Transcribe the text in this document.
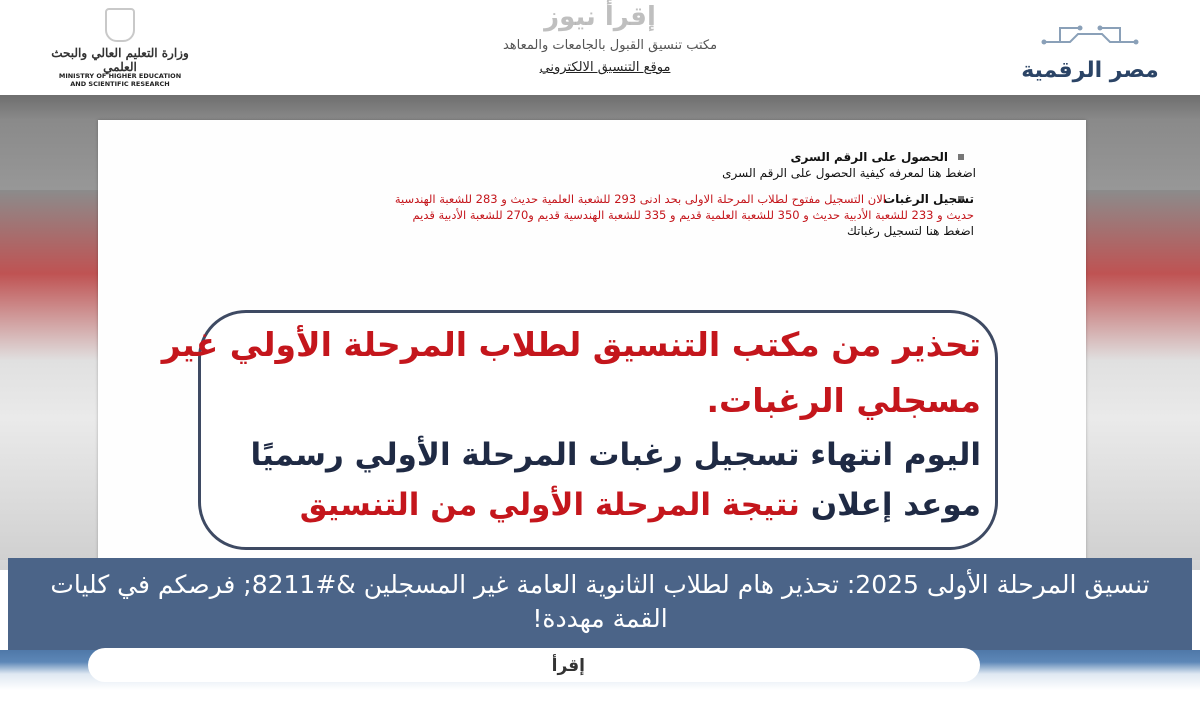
وزارة التعليم العالي والبحث العلمي
MINISTRY OF HIGHER EDUCATION AND SCIENTIFIC RESEARCH
إقرأ نيوز
مكتب تنسيق القبول بالجامعات والمعاهد
موقع التنسيق الالكتروني	مصر الرقمية
الحصول على الرقم السرى
اضغط هنا لمعرفه كيفية الحصول على الرقم السرى
تسجيل الرغبات
الان التسجيل مفتوح لطلاب المرحلة الاولى بحد ادنى 293 للشعبة العلمية حديث و 283 للشعبة الهندسية
حديث و 233 للشعبة الأدبية حديث و 350 للشعبة العلمية قديم و 335 للشعبة الهندسية قديم و270 للشعبة الأدبية قديم
اضغط هنا لتسجيل رغباتك
تحذير من مكتب التنسيق لطلاب المرحلة الأولي غير
مسجلي الرغبات.
اليوم انتهاء تسجيل رغبات المرحلة الأولي رسميًا
موعد إعلان نتيجة المرحلة الأولي من التنسيق
تنسيق المرحلة الأولى 2025: تحذير هام لطلاب الثانوية العامة غير المسجلين &#8211; فرصكم في كليات القمة مهددة!
إقرأ
